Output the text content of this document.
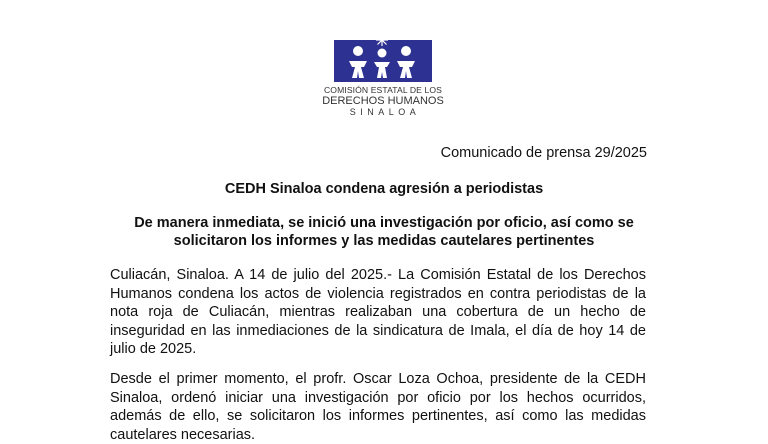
COMISIÓN ESTATAL DE LOS
DERECHOS HUMANOS
SINALOA
Comunicado de prensa 29/2025
CEDH Sinaloa condena agresión a periodistas
De manera inmediata, se inició una investigación por oficio, así como se solicitaron los informes y las medidas cautelares pertinentes
Culiacán, Sinaloa. A 14 de julio del 2025.- La Comisión Estatal de los Derechos Humanos condena los actos de violencia registrados en contra periodistas de la nota roja de Culiacán, mientras realizaban una cobertura de un hecho de inseguridad en las inmediaciones de la sindicatura de Imala, el día de hoy 14 de julio de 2025.
Desde el primer momento, el profr. Oscar Loza Ochoa, presidente de la CEDH Sinaloa, ordenó iniciar una investigación por oficio por los hechos ocurridos, además de ello, se solicitaron los informes pertinentes, así como las medidas cautelares necesarias.
